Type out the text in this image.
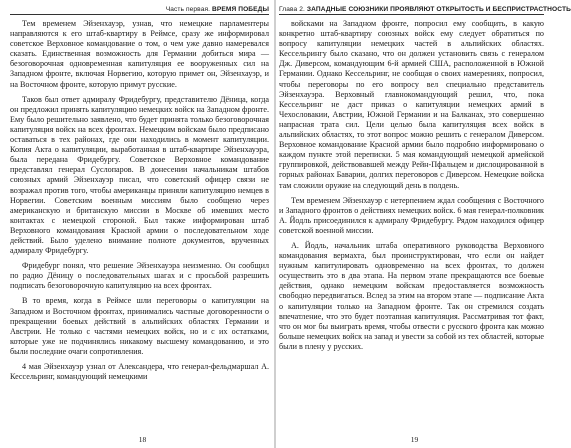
Часть первая. ВРЕМЯ ПОБЕДЫ

Тем временем Эйзенхауэр, узнав, что немецкие парламентеры направляются к его штаб-квартиру в Реймсе, сразу же информировал советское Верховное командование о том, о чем уже давно намеревался сказать. Единственная возможность для Германии добиться мира — безоговорочная одновременная капитуляция ее вооруженных сил на Западном фронте, включая Норвегию, которую примет он, Эйзенхауэр, и на Восточном фронте, которую примут русские.

Таков был ответ адмиралу Фридебургу, представителю Дёница, когда он предложил принять капитуляцию немецких войск на Западном фронте. Ему было решительно заявлено, что будет принята только безоговорочная капитуляция войск на всех фронтах. Немецким войскам было предписано оставаться в тех районах, где они находились в момент капитуляции. Копия Акта о капитуляции, выработанная в штаб-квартире Эйзенхауэра, была передана Фридебургу. Советское Верховное командование представлял генерал Суслопаров. В донесении начальникам штабов союзных армий Эйзенхауэр писал, что советский офицер связи не возражал против того, чтобы американцы приняли капитуляцию немцев в Норвегии. Советским военным миссиям было сообщено через американскую и британскую миссии в Москве об имевших место контактах с немецкой стороной. Был также информирован штаб Верховного командования Красной армии о последовательном ходе действий. Было уделено внимание полноте документов, врученных адмиралу Фридебургу.

Фридебург понял, что решение Эйзенхауэра неизменно. Он сообщил по радио Дёницу о последовательных шагах и с просьбой разрешить подписать безоговорочную капитуляцию на всех фронтах.

В то время, когда в Реймсе шли переговоры о капитуляции на Западном и Восточном фронтах, принимались частные договоренности о прекращении боевых действий в альпийских областях Германии и Австрии. Не только с частями немецких войск, но и с их остатками, которые уже не подчинялись никакому высшему командованию, и это были последние очаги сопротивления.

4 мая Эйзенхауэр узнал от Александера, что генерал-фельдмаршал А. Кессельринг, командующий немецкими

18
Глава 2. ЗАПАДНЫЕ СОЮЗНИКИ ПРОЯВЛЯЮТ ОТКРЫТОСТЬ И БЕСПРИСТРАСТНОСТЬ

войсками на Западном фронте, попросил ему сообщить, в какую конкретно штаб-квартиру союзных войск ему следует обратиться по вопросу капитуляции немецких частей в альпийских областях. Кессельрингу было сказано, что он должен установить связь с генералом Дж. Диверсом, командующим 6-й армией США, расположенной в Южной Германии. Однако Кессельринг, не сообщая о своих намерениях, попросил, чтобы переговоры по его вопросу вел специально представитель Эйзенхауэра. Верховный главнокомандующий решил, что, пока Кессельринг не даст приказ о капитуляции немецких армий в Чехословакии, Австрии, Южной Германии и на Балканах, это совершенно напрасная трата сил. Цели целью была капитуляция всех войск в альпийских областях, то этот вопрос можно решить с генералом Диверсом. Верховное командование Красной армии было подробно информировано о каждом пункте этой переписки. 5 мая командующий немецкой армейской группировкой, действовавшей между Рейн-Пфальцем и дислоцированной в горных районах Баварии, долгих переговоров с Диверсом. Немецкие войска там сложили оружие на следующий день в полдень.

Тем временем Эйзенхауэр с нетерпением ждал сообщения с Восточного и Западного фронтов о действиях немецких войск. 6 мая генерал-полковник А. Йодль присоединился к адмиралу Фридебургу. Рядом находился офицер советской военной миссии.

А. Йодль, начальник штаба оперативного руководства Верховного командования вермахта, был проинструктирован, что если он найдет нужным капитулировать одновременно на всех фронтах, то должен осуществить это в два этапа. На первом этапе прекращаются все боевые действия, однако немецким войскам предоставляется возможность свободно передвигаться. Вслед за этим на втором этапе — подписание Акта о капитуляции только на Западном фронте. Так он стремился создать впечатление, что это будет поэтапная капитуляция. Рассматривая тот факт, что он мог бы выиграть время, чтобы отвести с русского фронта как можно больше немецких войск на запад и увести за собой из тех областей, которые были в плену у русских.

19
